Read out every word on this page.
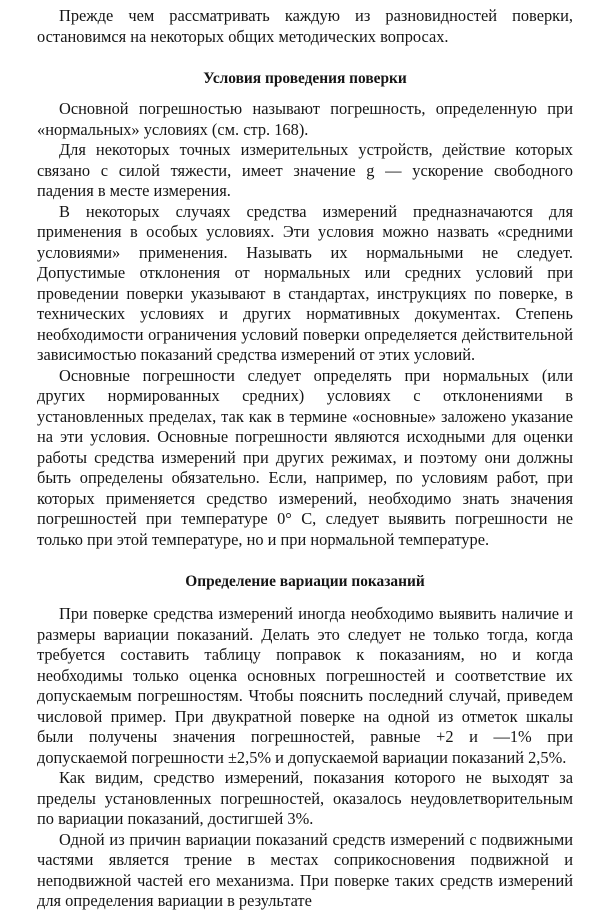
Прежде чем рассматривать каждую из разновидностей поверки, остановимся на некоторых общих методических вопросах.

Условия проведения поверки

Основной погрешностью называют погрешность, определенную при «нормальных» условиях (см. стр. 168).

Для некоторых точных измерительных устройств, действие которых связано с силой тяжести, имеет значение g — ускорение свободного падения в месте измерения.

В некоторых случаях средства измерений предназначаются для применения в особых условиях. Эти условия можно назвать «средними условиями» применения. Называть их нормальными не следует. Допустимые отклонения от нормальных или средних условий при проведении поверки указывают в стандартах, инструкциях по поверке, в технических условиях и других нормативных документах. Степень необходимости ограничения условий поверки определяется действительной зависимостью показаний средства измерений от этих условий.

Основные погрешности следует определять при нормальных (или других нормированных средних) условиях с отклонениями в установленных пределах, так как в термине «основные» заложено указание на эти условия. Основные погрешности являются исходными для оценки работы средства измерений при других режимах, и поэтому они должны быть определены обязательно. Если, например, по условиям работ, при которых применяется средство измерений, необходимо знать значения погрешностей при температуре 0° С, следует выявить погрешности не только при этой температуре, но и при нормальной температуре.

Определение вариации показаний

При поверке средства измерений иногда необходимо выявить наличие и размеры вариации показаний. Делать это следует не только тогда, когда требуется составить таблицу поправок к показаниям, но и когда необходимы только оценка основных погрешностей и соответствие их допускаемым погрешностям. Чтобы пояснить последний случай, приведем числовой пример. При двукратной поверке на одной из отметок шкалы были получены значения погрешностей, равные +2 и —1% при допускаемой погрешности ±2,5% и допускаемой вариации показаний 2,5%.

Как видим, средство измерений, показания которого не выходят за пределы установленных погрешностей, оказалось неудовлетворительным по вариации показаний, достигшей 3%.

Одной из причин вариации показаний средств измерений с подвижными частями является трение в местах соприкосновения подвижной и неподвижной частей его механизма. При поверке таких средств измерений для определения вариации в результате
